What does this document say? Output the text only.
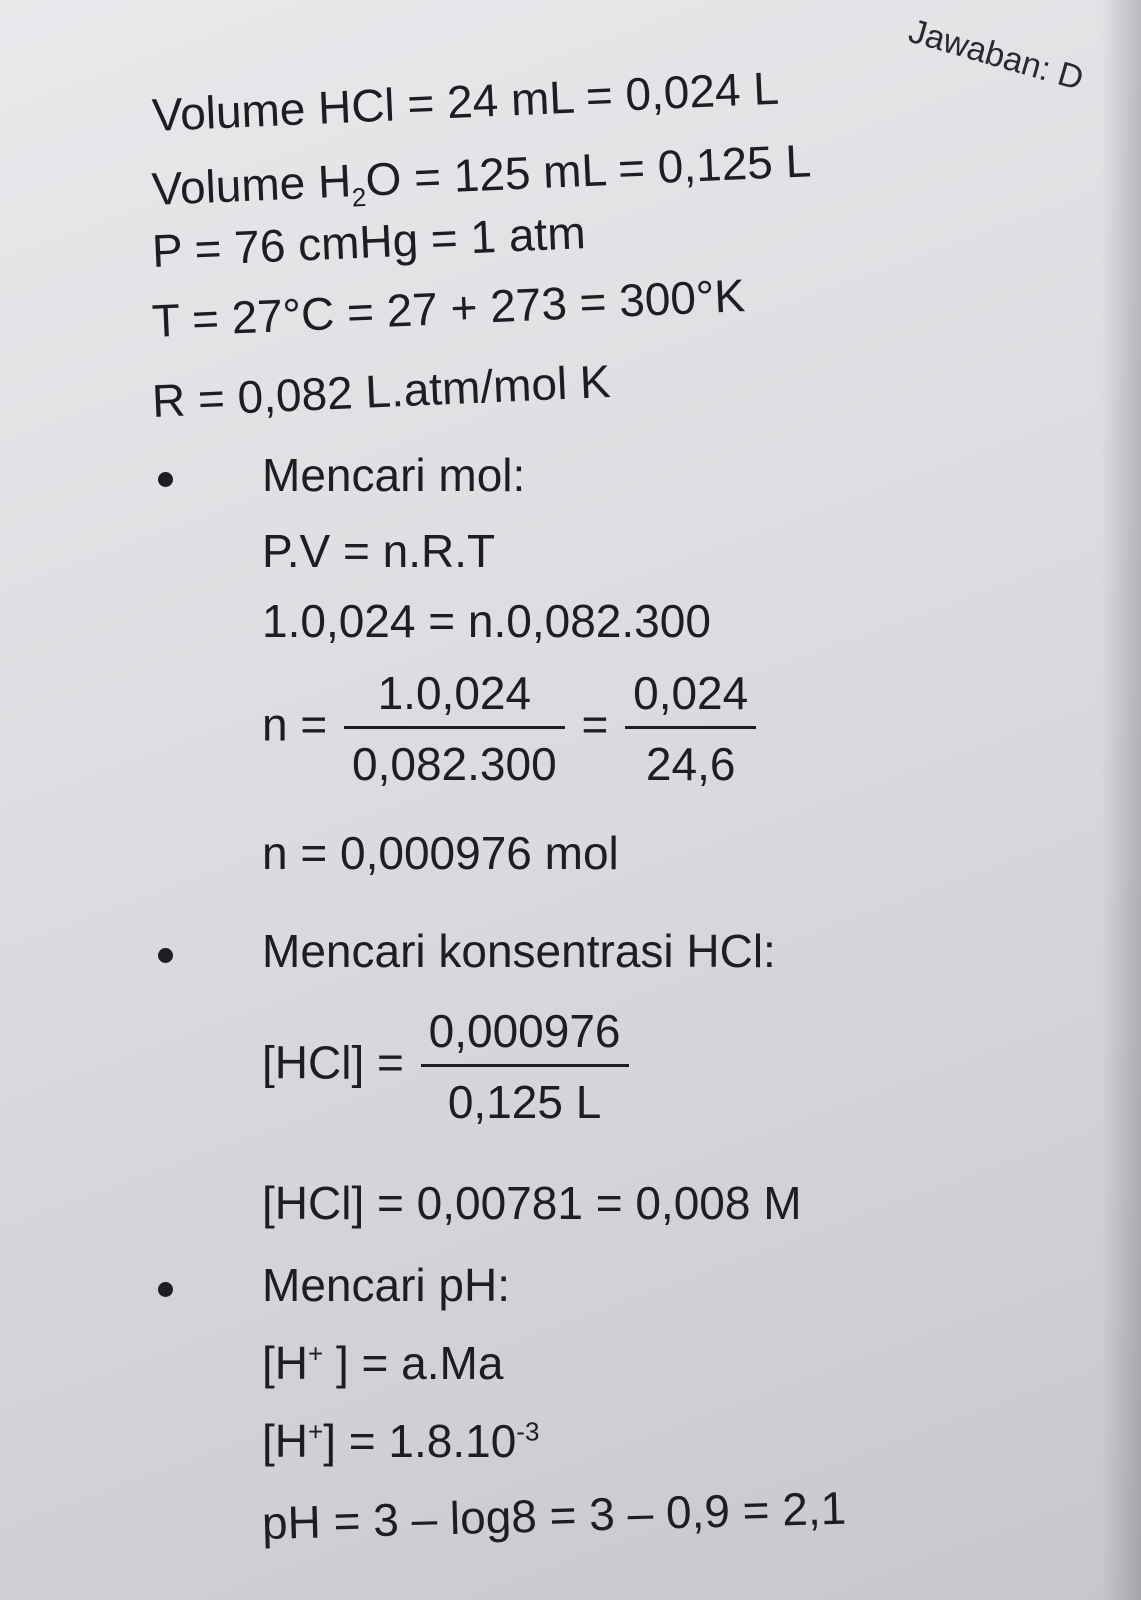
Jawaban: D
Volume HCl = 24 mL = 0,024 L
Volume $H_2O = 125$ mL = 0,125 L
P = 76 cmHg = 1 atm
T = 27°C = 27 + 273 = 300°K
R = 0,082 L.atm/mol K
Mencari mol:
P.V = n.R.T
1.0,024 = n.0,082.300
$n = \frac{1.0,024}{0,082.300} = \frac{0,024}{24,6}$
n = 0,000976 mol
Mencari konsentrasi HCl:
$[HCl] = \frac{0,000976}{0,125 L}$
[HCl] = 0,00781 = 0,008 M
Mencari pH:
[H+ ] = a.Ma
$[H^+] = 1.8.10^{-3}$
pH = 3 – log8 = 3 – 0,9 = 2,1
